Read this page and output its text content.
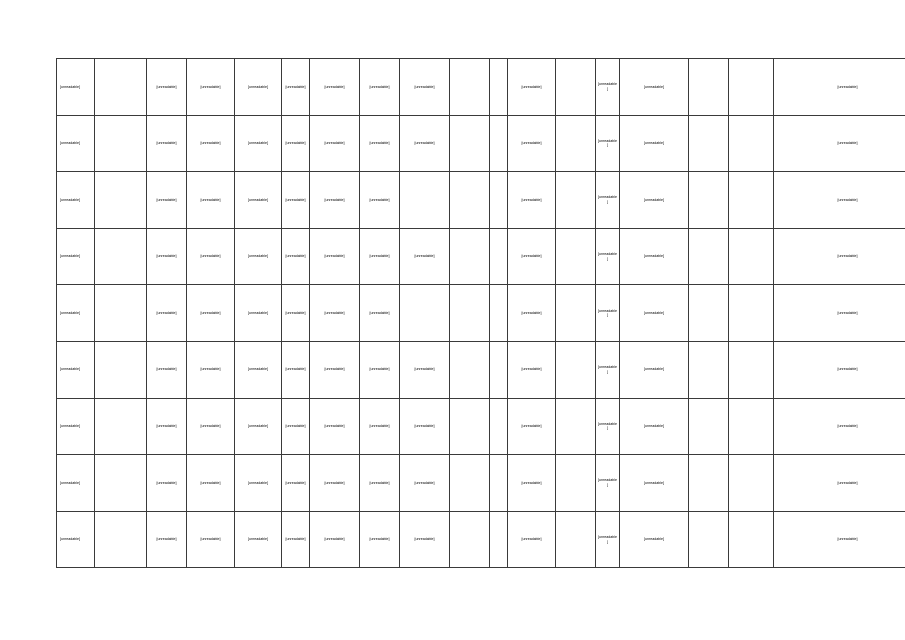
[unreadable]		[unreadable]	[unreadable]	[unreadable]	[unreadable]	[unreadable]	[unreadable]	[unreadable]			[unreadable]		[unreadable]	[unreadable]			[unreadable]
[unreadable]		[unreadable]	[unreadable]	[unreadable]	[unreadable]	[unreadable]	[unreadable]	[unreadable]			[unreadable]		[unreadable]	[unreadable]			[unreadable]
[unreadable]		[unreadable]	[unreadable]	[unreadable]	[unreadable]	[unreadable]	[unreadable]				[unreadable]		[unreadable]	[unreadable]			[unreadable]
[unreadable]		[unreadable]	[unreadable]	[unreadable]	[unreadable]	[unreadable]	[unreadable]	[unreadable]			[unreadable]		[unreadable]	[unreadable]			[unreadable]
[unreadable]		[unreadable]	[unreadable]	[unreadable]	[unreadable]	[unreadable]	[unreadable]				[unreadable]		[unreadable]	[unreadable]			[unreadable]
[unreadable]		[unreadable]	[unreadable]	[unreadable]	[unreadable]	[unreadable]	[unreadable]	[unreadable]			[unreadable]		[unreadable]	[unreadable]			[unreadable]
[unreadable]		[unreadable]	[unreadable]	[unreadable]	[unreadable]	[unreadable]	[unreadable]	[unreadable]			[unreadable]		[unreadable]	[unreadable]			[unreadable]
[unreadable]		[unreadable]	[unreadable]	[unreadable]	[unreadable]	[unreadable]	[unreadable]	[unreadable]			[unreadable]		[unreadable]	[unreadable]			[unreadable]
[unreadable]		[unreadable]	[unreadable]	[unreadable]	[unreadable]	[unreadable]	[unreadable]	[unreadable]			[unreadable]		[unreadable]	[unreadable]			[unreadable]
